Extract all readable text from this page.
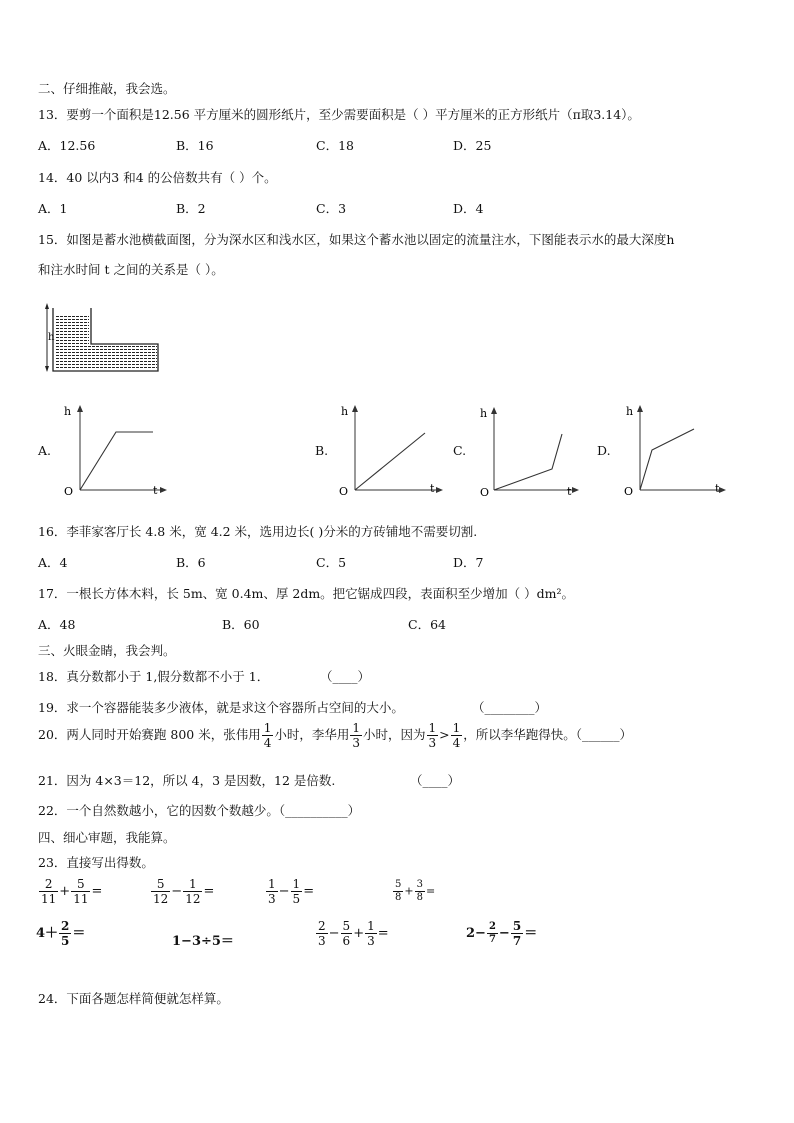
二、仔细推敲，我会选。
13．要剪一个面积是12.56 平方厘米的圆形纸片，至少需要面积是（ ）平方厘米的正方形纸片（π取3.14）。
A．12.56	B．16	C．18	D．25
14．40 以内3 和4 的公倍数共有（ ）个。
A．1	B．2	C．3	D．4
15．如图是蓄水池横截面图，分为深水区和浅水区，如果这个蓄水池以固定的流量注水，下图能表示水的最大深度h
和注水时间 t 之间的关系是（ ）。
h
A.
h
t
O
B.
h
t
O
C.
h
t
O
D.
h
t
O
16．李菲家客厅长 4.8 米，宽 4.2 米，选用边长( )分米的方砖铺地不需要切割.
A．4	B．6	C．5	D．7
17．一根长方体木料，长 5m、宽 0.4m、厚 2dm。把它锯成四段，表面积至少增加（ ）dm²。
A．48	B．60	C．64
三、火眼金睛，我会判。
18．真分数都小于 1,假分数都不小于 1．	（____）
19．求一个容器能装多少液体，就是求这个容器所占空间的大小。	（________）
20．两人同时开始赛跑 800 米，张伟用 $\frac{1}{4}$ 小时，李华用 $\frac{1}{3}$ 小时，因为 $\frac{1}{3} > \frac{1}{4}$ ，所以李华跑得快。（______）
21．因为 4×3＝12，所以 4，3 是因数，12 是倍数.	（____）
22．一个自然数越小，它的因数个数越少。（__________）
四、细心审题，我能算。
23．直接写出得数。
$\frac{2}{11} + \frac{5}{11}$ =	$\frac{5}{12} - \frac{1}{12}$ =	$\frac{1}{3} - \frac{1}{5}$ =	$\frac{5}{8} + \frac{3}{8}$ =
$4+ \frac{2}{5}$ ＝
1−3÷5＝	$\frac{2}{3} - \frac{5}{6} + \frac{1}{3}$ =	$2- \frac{2}{7} - \frac{5}{7}$ ＝
24．下面各题怎样简便就怎样算。
